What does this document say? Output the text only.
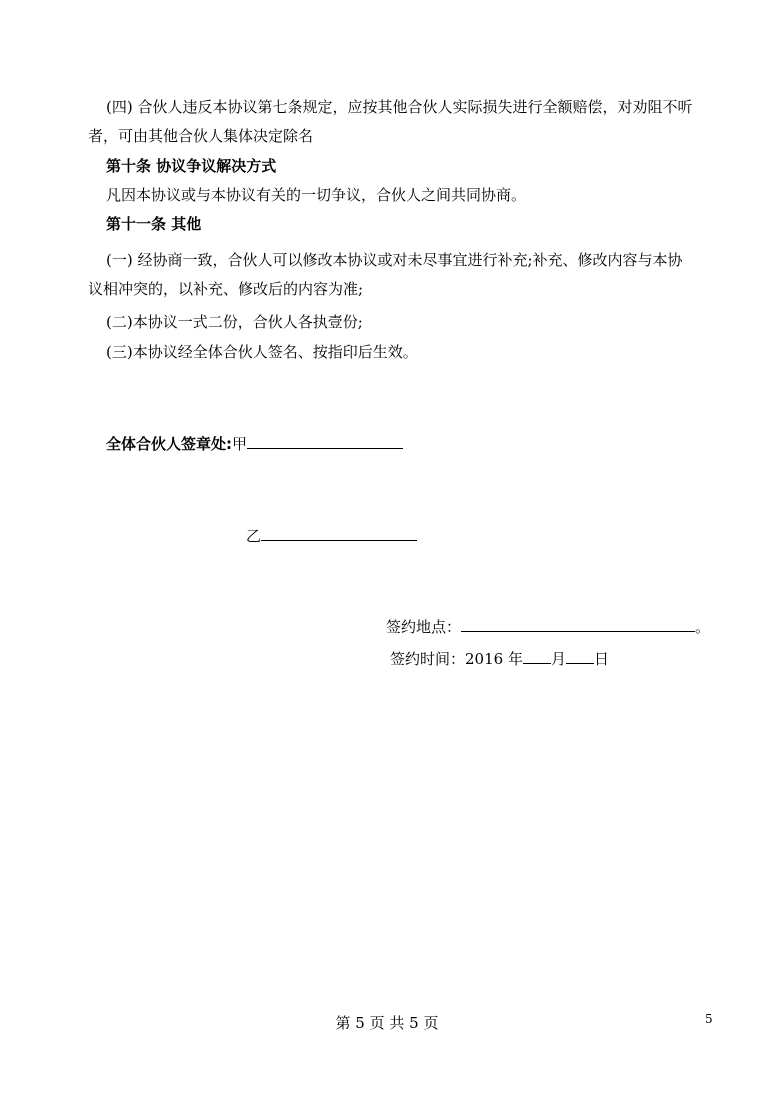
(四) 合伙人违反本协议第七条规定，应按其他合伙人实际损失进行全额赔偿，对劝阻不听
者，可由其他合伙人集体决定除名
第十条 协议争议解决方式
凡因本协议或与本协议有关的一切争议，合伙人之间共同协商。
第十一条 其他
(一) 经协商一致，合伙人可以修改本协议或对未尽事宜进行补充;补充、修改内容与本协
议相冲突的，以补充、修改后的内容为准;
(二)本协议一式二份，合伙人各执壹份;
(三)本协议经全体合伙人签名、按指印后生效。
全体合伙人签章处:甲
乙
签约地点：	。
签约时间：2016 年 月 日
第 5 页 共 5 页	5
